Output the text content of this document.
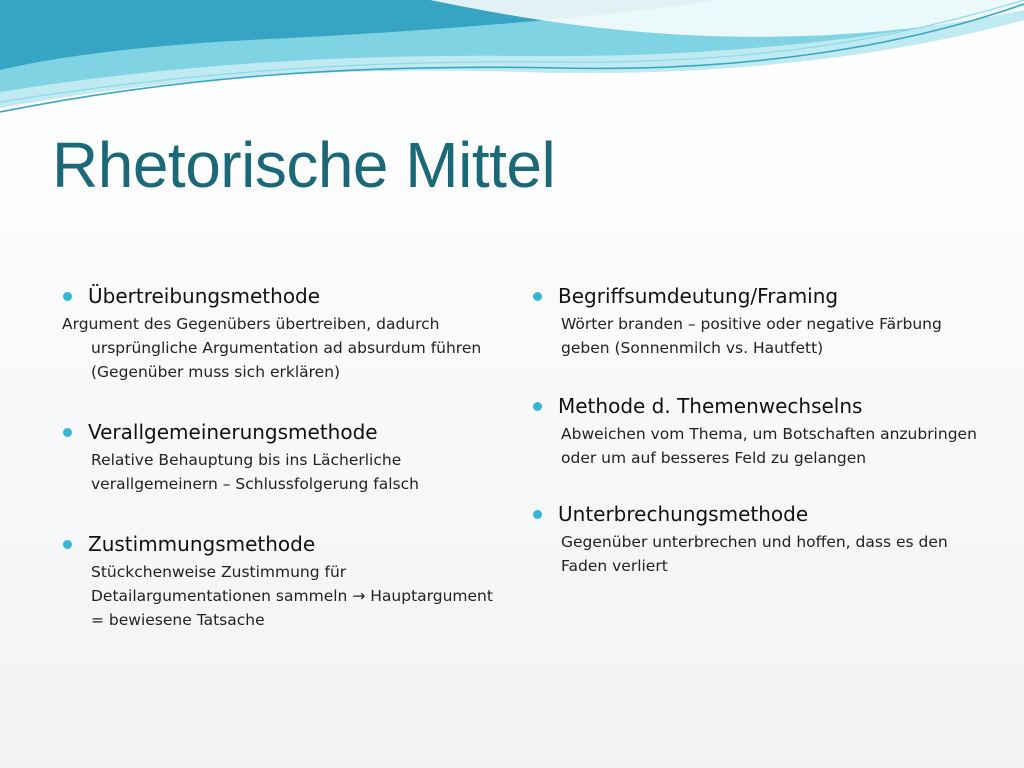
Rhetorische Mittel
Übertreibungsmethode
Argument des Gegenübers übertreiben, dadurch
ursprüngliche Argumentation ad absurdum führen (Gegenüber muss sich erklären)
Verallgemeinerungsmethode
Relative Behauptung bis ins Lächerliche verallgemeinern – Schlussfolgerung falsch
Zustimmungsmethode
Stückchenweise Zustimmung für Detailargumentationen sammeln → Hauptargument = bewiesene Tatsache
Begriffsumdeutung/Framing
Wörter branden – positive oder negative Färbung geben (Sonnenmilch vs. Hautfett)
Methode d. Themenwechselns
Abweichen vom Thema, um Botschaften anzubringen oder um auf besseres Feld zu gelangen
Unterbrechungsmethode
Gegenüber unterbrechen und hoffen, dass es den Faden verliert
